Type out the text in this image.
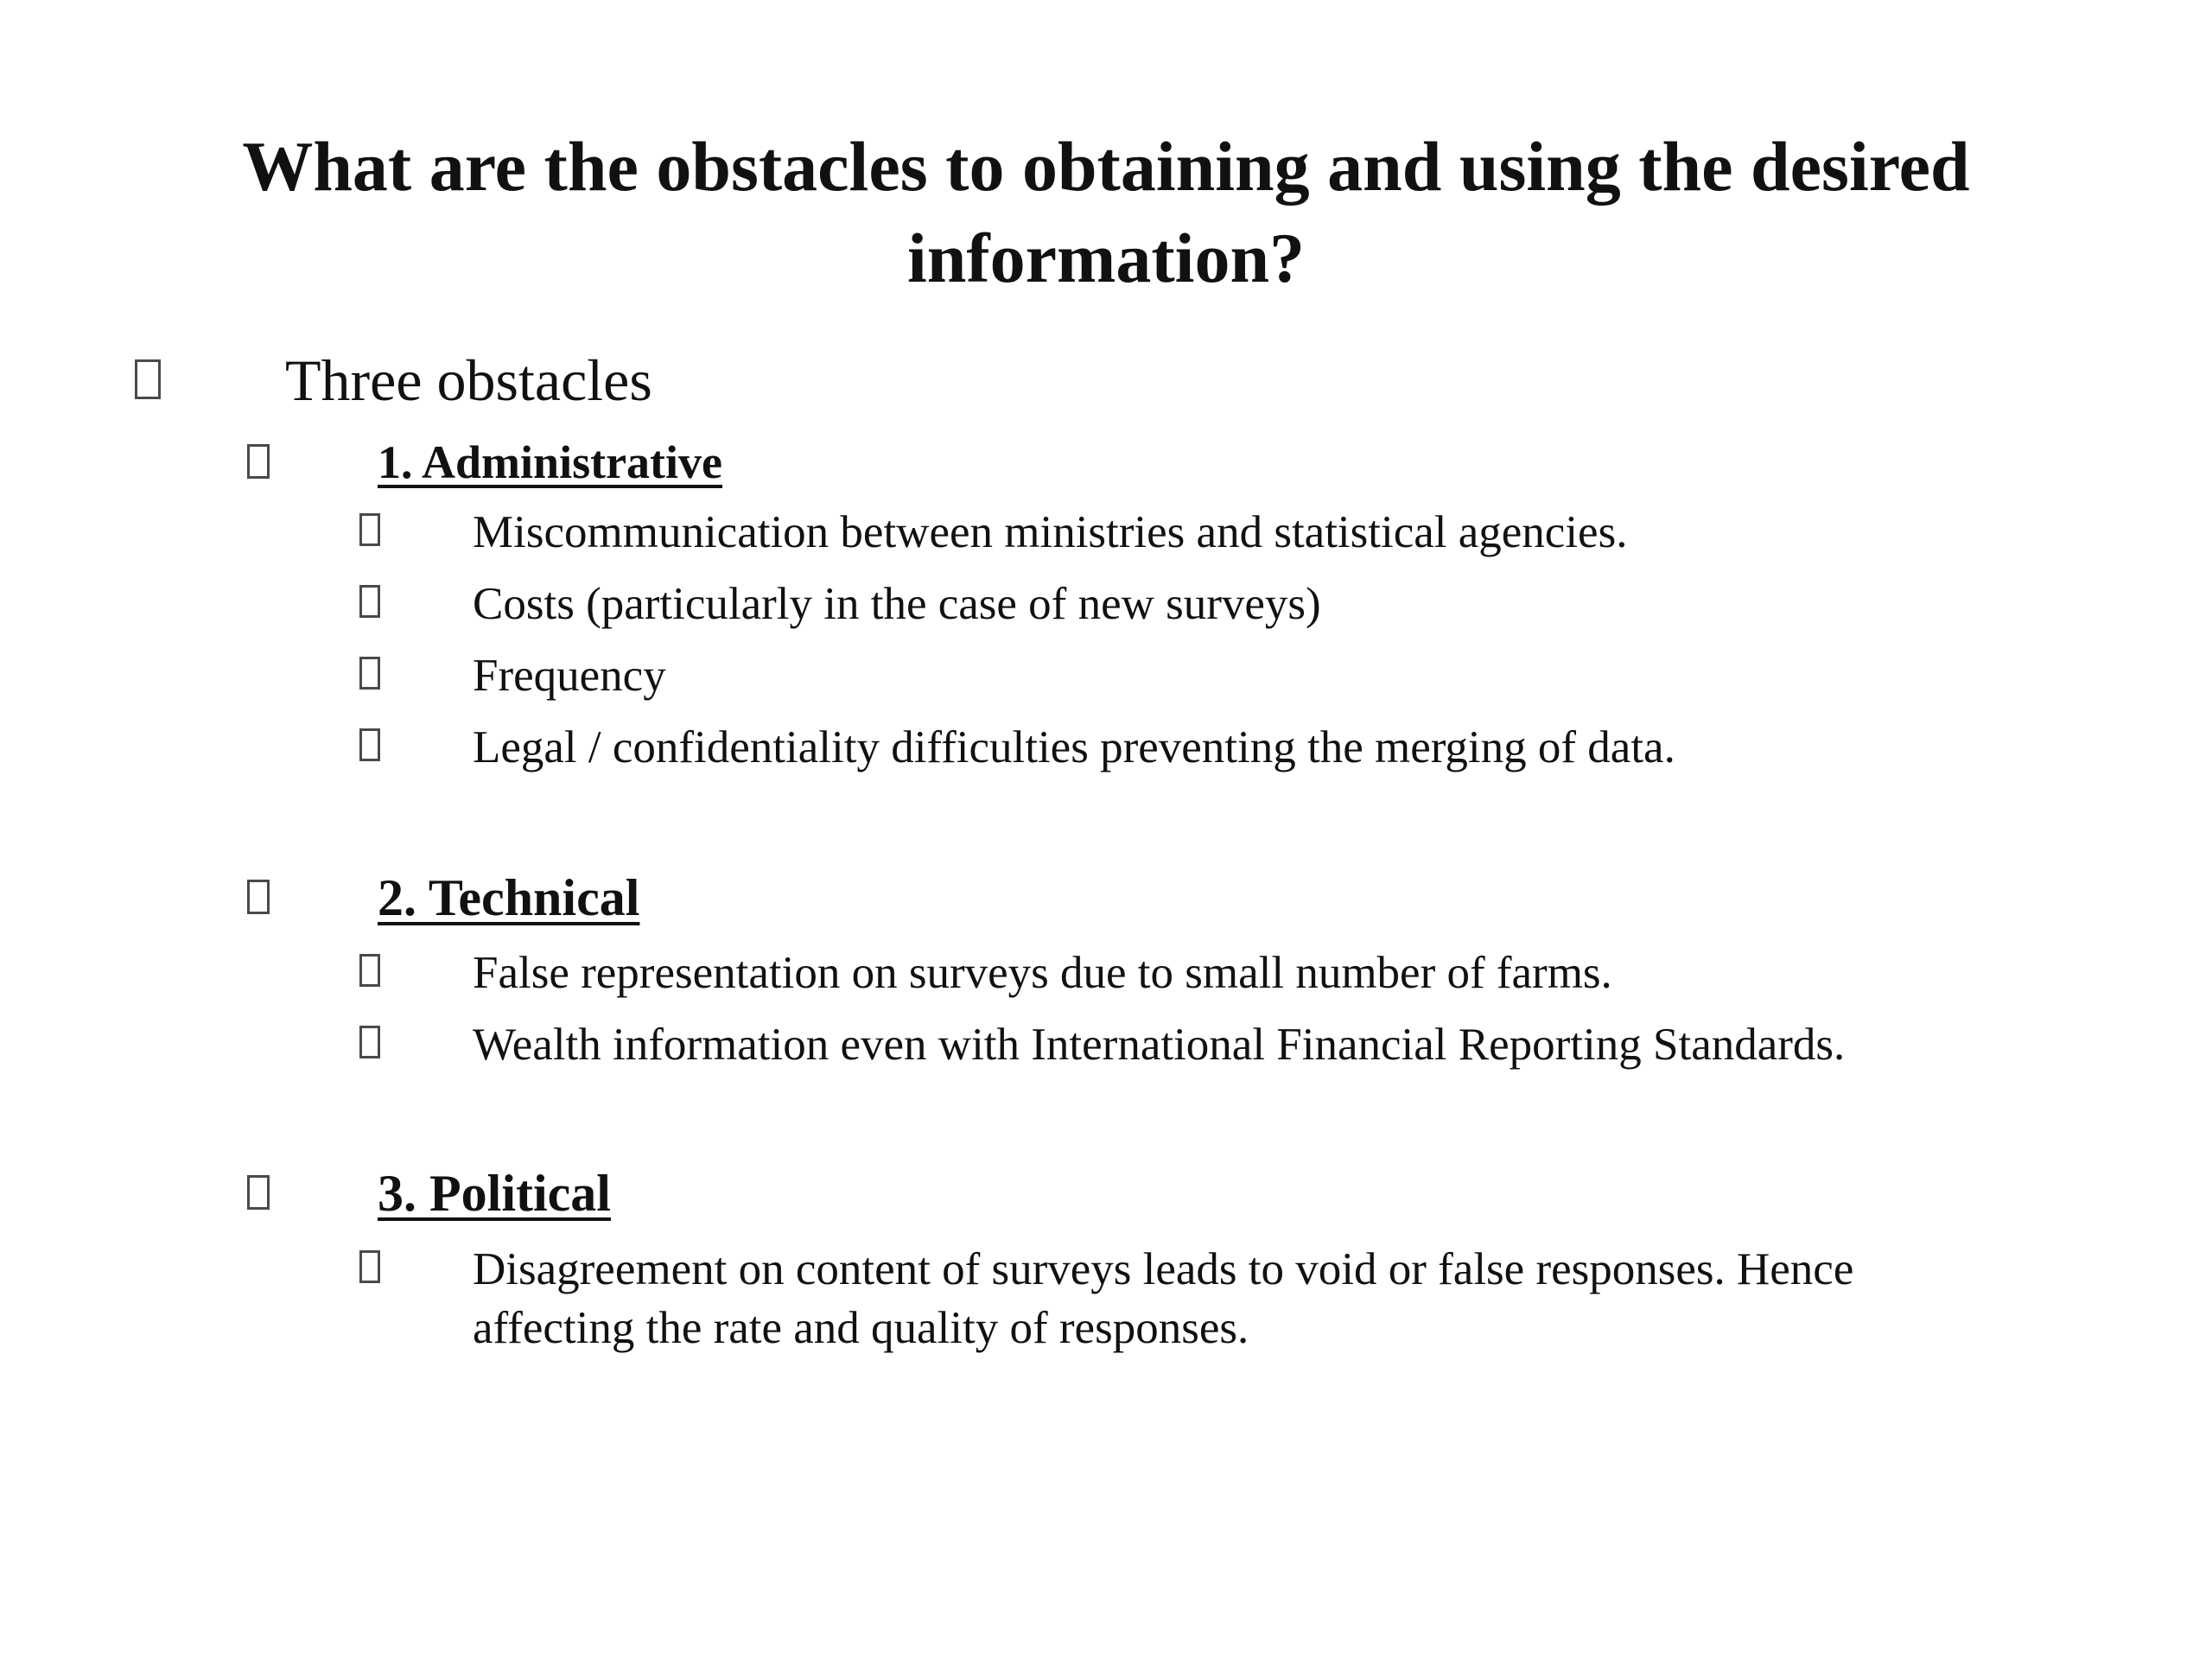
What are the obstacles to obtaining and using the desired information?
Three obstacles
1. Administrative
Miscommunication between ministries and statistical agencies.
Costs (particularly in the case of new surveys)
Frequency
Legal / confidentiality difficulties preventing the merging of data.
2. Technical
False representation on surveys due to small number of farms.
Wealth information even with International Financial Reporting Standards.
3. Political
Disagreement on content of surveys leads to void or false responses. Hence affecting the rate and quality of responses.
